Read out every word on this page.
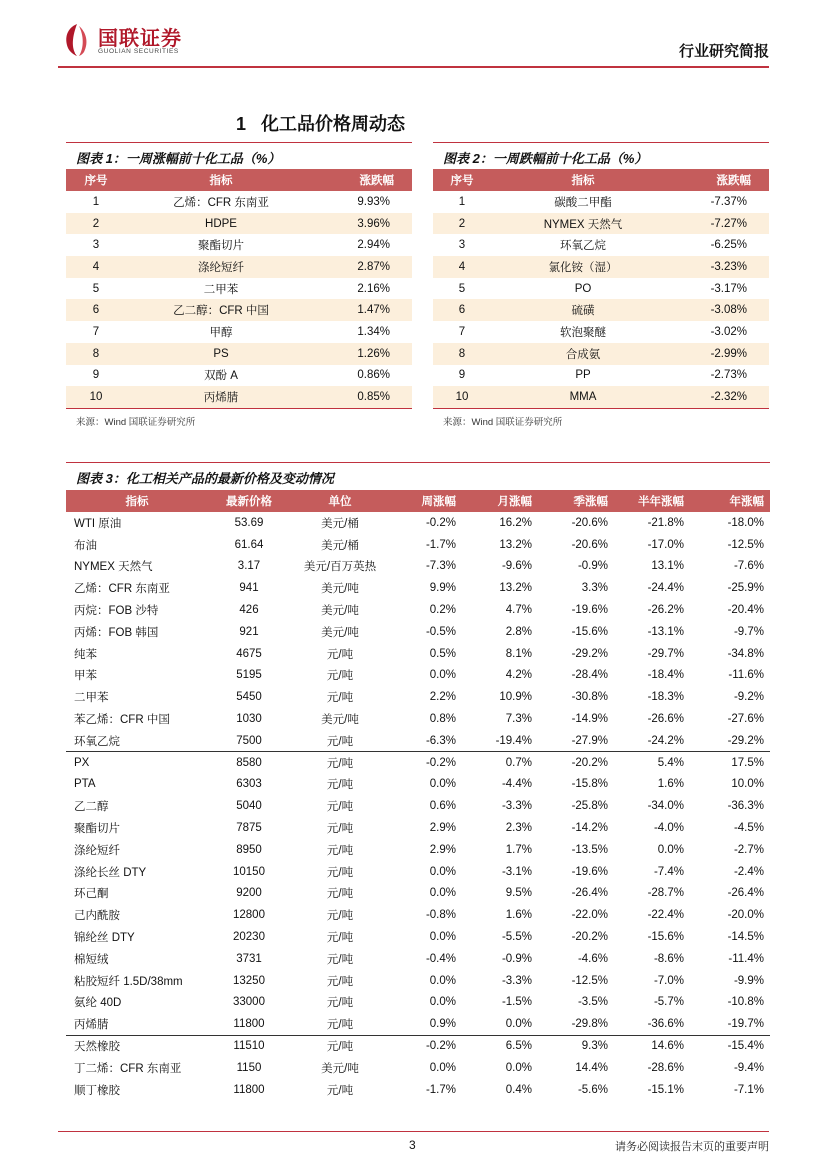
国联证券
GUOLIAN SECURITIES	行业研究简报
1 化工品价格周动态
图表 1：一周涨幅前十化工品（%）
序号	指标	涨跌幅
1	乙烯：CFR 东南亚	9.93%
2	HDPE	3.96%
3	聚酯切片	2.94%
4	涤纶短纤	2.87%
5	二甲苯	2.16%
6	乙二醇：CFR 中国	1.47%
7	甲醇	1.34%
8	PS	1.26%
9	双酚 A	0.86%
10	丙烯腈	0.85%
来源：Wind 国联证券研究所
图表 2：一周跌幅前十化工品（%）
序号	指标	涨跌幅
1	碳酸二甲酯	-7.37%
2	NYMEX 天然气	-7.27%
3	环氧乙烷	-6.25%
4	氯化铵（湿）	-3.23%
5	PO	-3.17%
6	硫磺	-3.08%
7	软泡聚醚	-3.02%
8	合成氨	-2.99%
9	PP	-2.73%
10	MMA	-2.32%
来源：Wind 国联证券研究所
图表 3：化工相关产品的最新价格及变动情况
指标	最新价格	单位	周涨幅	月涨幅	季涨幅	半年涨幅	年涨幅
WTI 原油	53.69	美元/桶	-0.2%	16.2%	-20.6%	-21.8%	-18.0%
布油	61.64	美元/桶	-1.7%	13.2%	-20.6%	-17.0%	-12.5%
NYMEX 天然气	3.17	美元/百万英热	-7.3%	-9.6%	-0.9%	13.1%	-7.6%
乙烯：CFR 东南亚	941	美元/吨	9.9%	13.2%	3.3%	-24.4%	-25.9%
丙烷：FOB 沙特	426	美元/吨	0.2%	4.7%	-19.6%	-26.2%	-20.4%
丙烯：FOB 韩国	921	美元/吨	-0.5%	2.8%	-15.6%	-13.1%	-9.7%
纯苯	4675	元/吨	0.5%	8.1%	-29.2%	-29.7%	-34.8%
甲苯	5195	元/吨	0.0%	4.2%	-28.4%	-18.4%	-11.6%
二甲苯	5450	元/吨	2.2%	10.9%	-30.8%	-18.3%	-9.2%
苯乙烯：CFR 中国	1030	美元/吨	0.8%	7.3%	-14.9%	-26.6%	-27.6%
环氧乙烷	7500	元/吨	-6.3%	-19.4%	-27.9%	-24.2%	-29.2%
PX	8580	元/吨	-0.2%	0.7%	-20.2%	5.4%	17.5%
PTA	6303	元/吨	0.0%	-4.4%	-15.8%	1.6%	10.0%
乙二醇	5040	元/吨	0.6%	-3.3%	-25.8%	-34.0%	-36.3%
聚酯切片	7875	元/吨	2.9%	2.3%	-14.2%	-4.0%	-4.5%
涤纶短纤	8950	元/吨	2.9%	1.7%	-13.5%	0.0%	-2.7%
涤纶长丝 DTY	10150	元/吨	0.0%	-3.1%	-19.6%	-7.4%	-2.4%
环己酮	9200	元/吨	0.0%	9.5%	-26.4%	-28.7%	-26.4%
己内酰胺	12800	元/吨	-0.8%	1.6%	-22.0%	-22.4%	-20.0%
锦纶丝 DTY	20230	元/吨	0.0%	-5.5%	-20.2%	-15.6%	-14.5%
棉短绒	3731	元/吨	-0.4%	-0.9%	-4.6%	-8.6%	-11.4%
粘胶短纤 1.5D/38mm	13250	元/吨	0.0%	-3.3%	-12.5%	-7.0%	-9.9%
氨纶 40D	33000	元/吨	0.0%	-1.5%	-3.5%	-5.7%	-10.8%
丙烯腈	11800	元/吨	0.9%	0.0%	-29.8%	-36.6%	-19.7%
天然橡胶	11510	元/吨	-0.2%	6.5%	9.3%	14.6%	-15.4%
丁二烯：CFR 东南亚	1150	美元/吨	0.0%	0.0%	14.4%	-28.6%	-9.4%
顺丁橡胶	11800	元/吨	-1.7%	0.4%	-5.6%	-15.1%	-7.1%
3	请务必阅读报告末页的重要声明
